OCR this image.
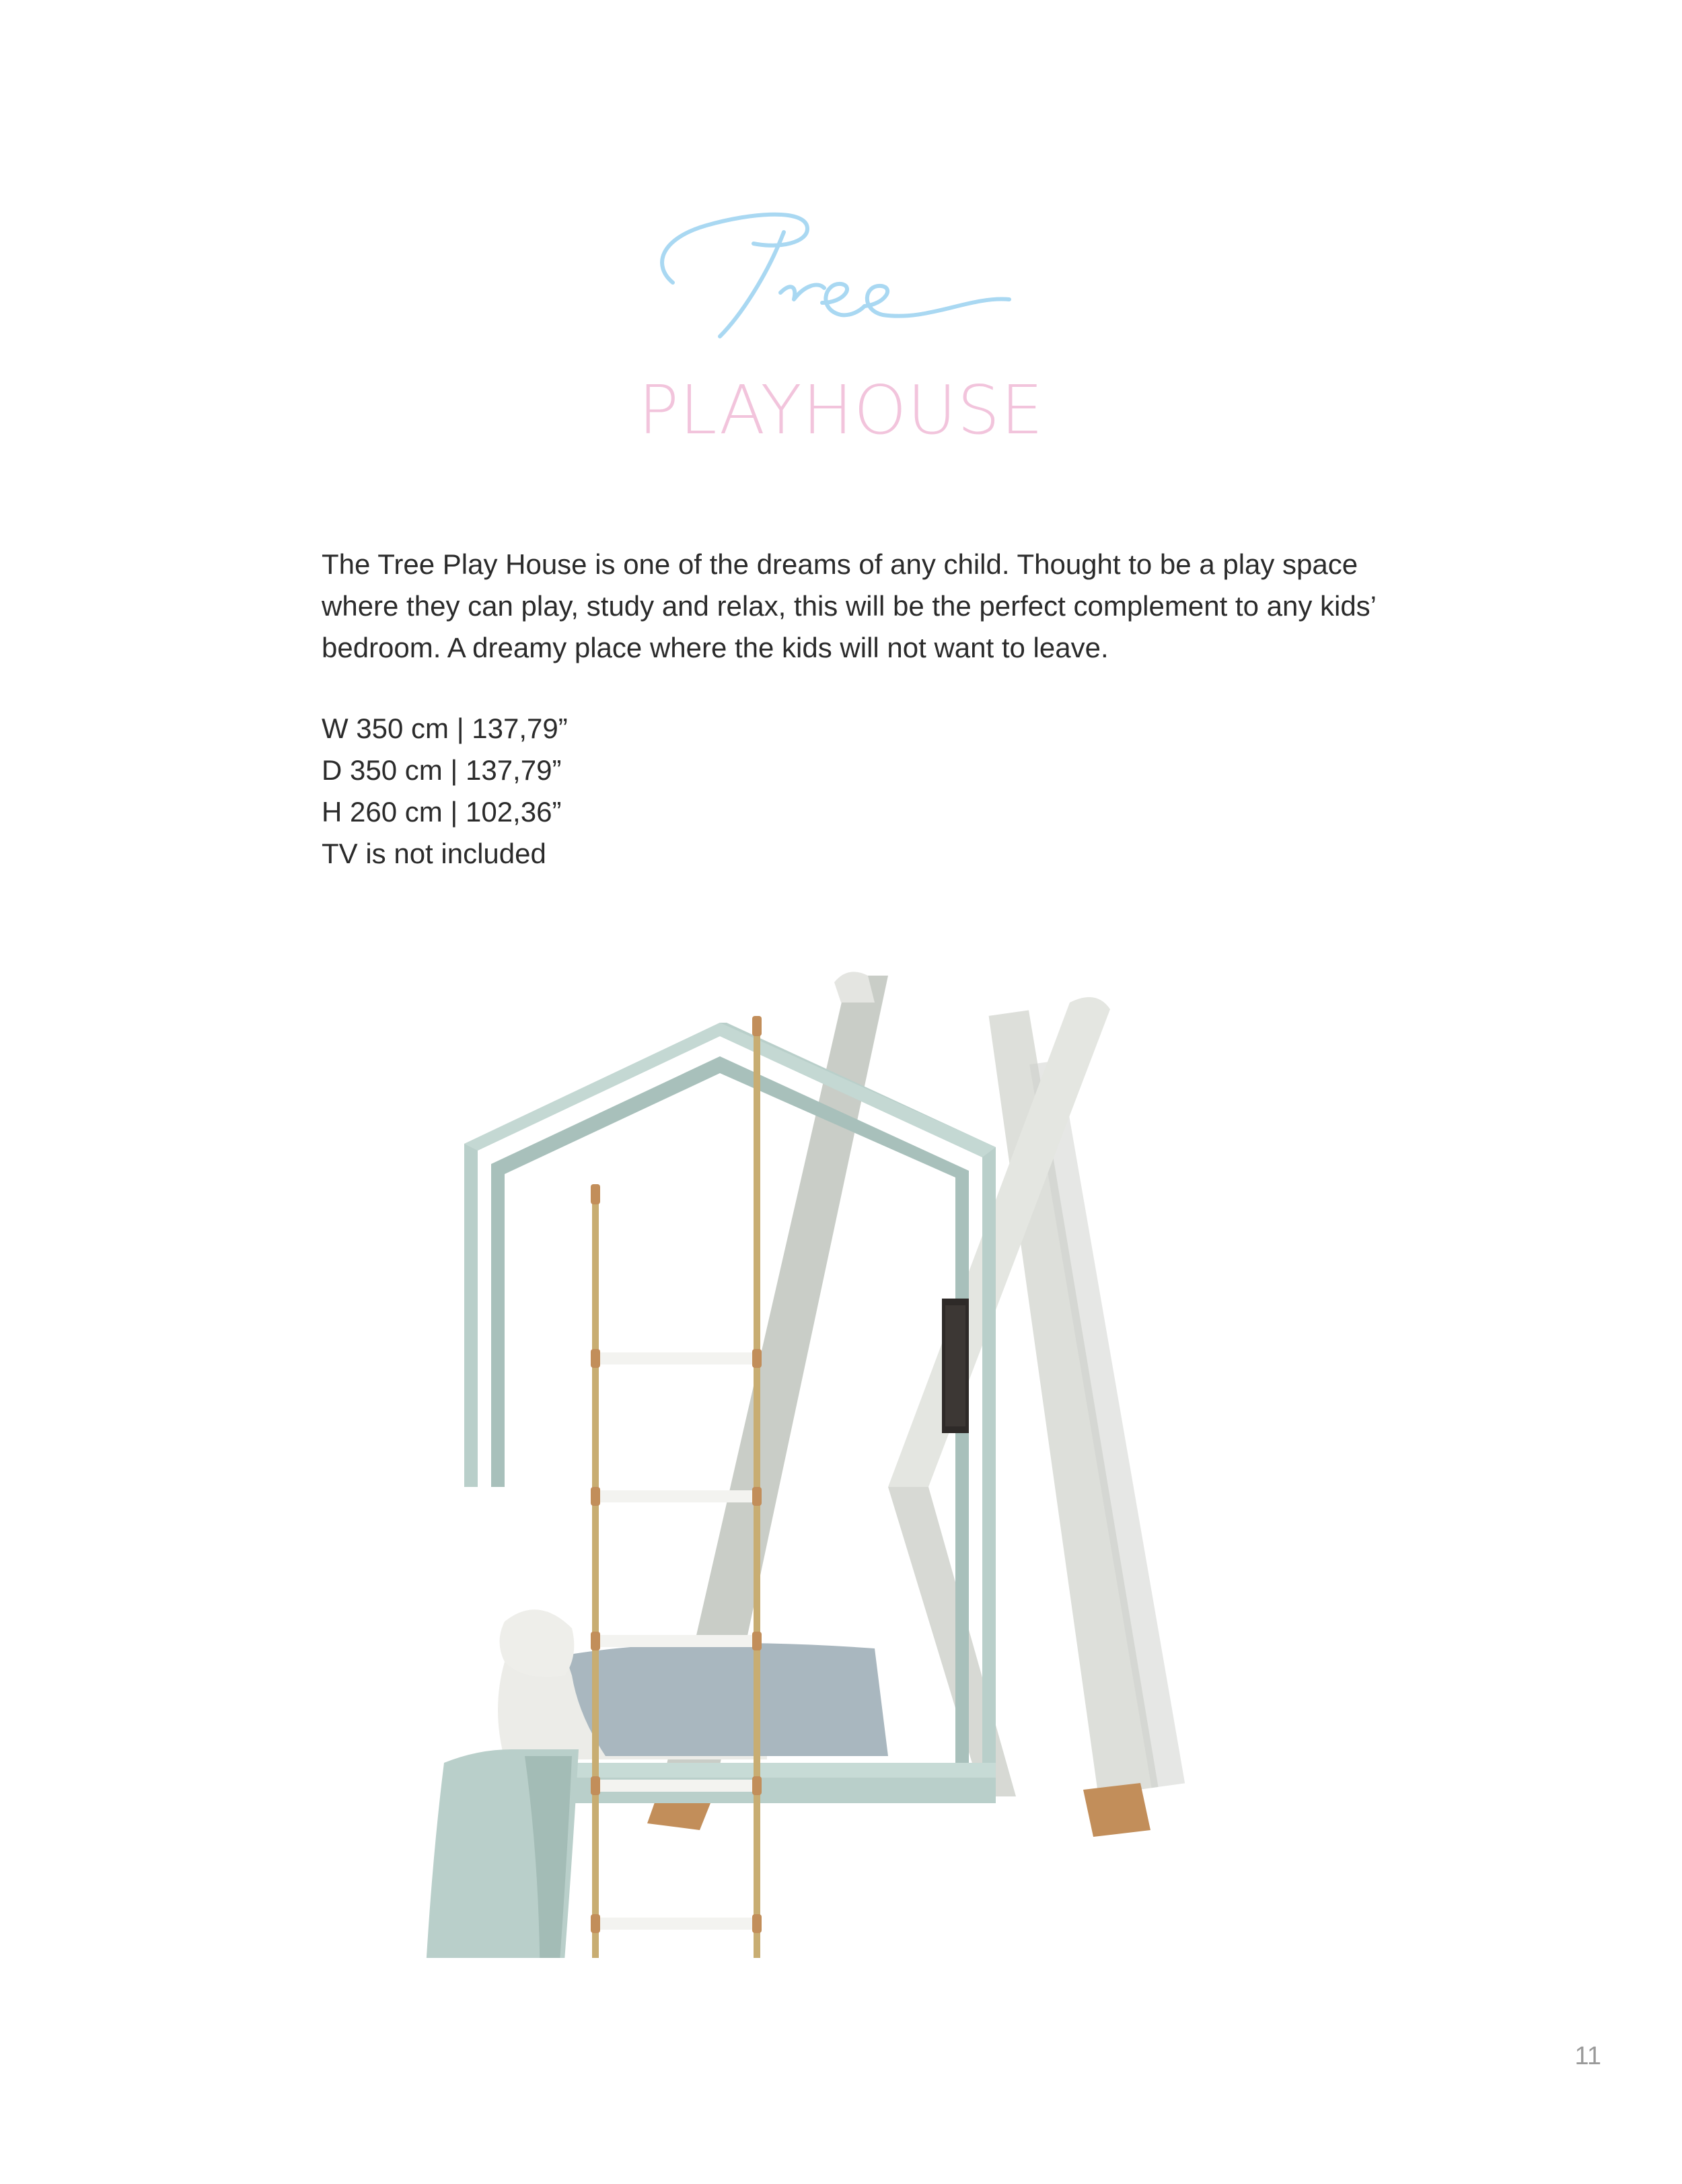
PLAYHOUSE

The Tree Play House is one of the dreams of any child. Thought to be a play space where they can play, study and relax, this will be the perfect complement to any kids’ bedroom. A dreamy place where the kids will not want to leave.

W 350 cm | 137,79”
D 350 cm | 137,79”
H 260 cm | 102,36”
TV is not included
11
